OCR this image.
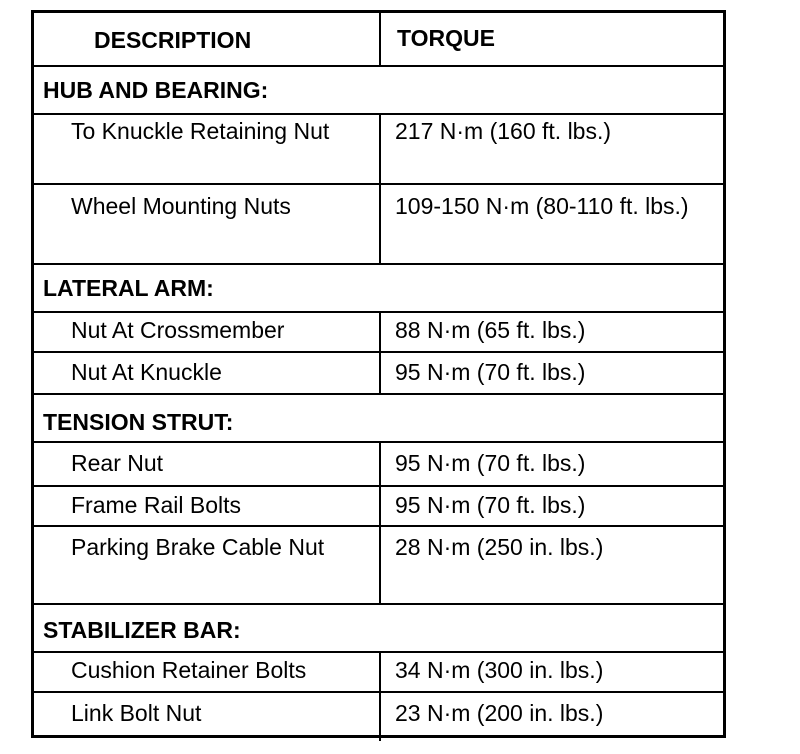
DESCRIPTION	TORQUE
HUB AND BEARING:
To Knuckle Retaining Nut	217 N·m (160 ft. lbs.)
Wheel Mounting Nuts	109-150 N·m (80-110 ft. lbs.)
LATERAL ARM:
Nut At Crossmember	88 N·m (65 ft. lbs.)
Nut At Knuckle	95 N·m (70 ft. lbs.)
TENSION STRUT:
Rear Nut	95 N·m (70 ft. lbs.)
Frame Rail Bolts	95 N·m (70 ft. lbs.)
Parking Brake Cable Nut	28 N·m (250 in. lbs.)
STABILIZER BAR:
Cushion Retainer Bolts	34 N·m (300 in. lbs.)
Link Bolt Nut	23 N·m (200 in. lbs.)
